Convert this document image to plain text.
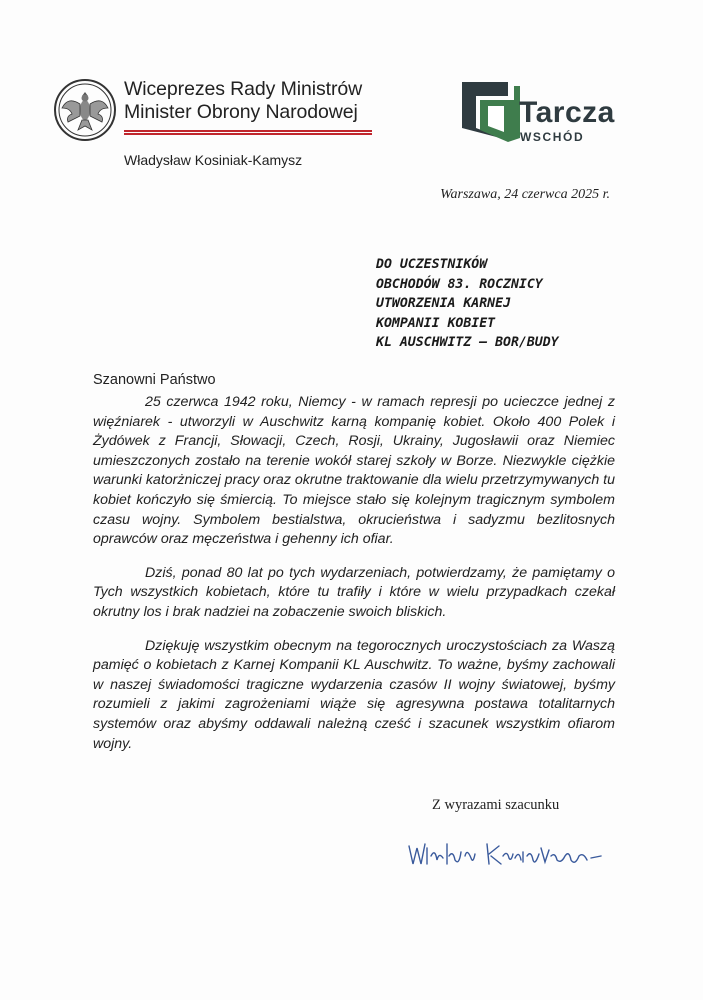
Wiceprezes Rady Ministrów
Minister Obrony Narodowej
Władysław Kosiniak-Kamysz
Tarcza
WSCHÓD
Warszawa, 24 czerwca 2025 r.
DO UCZESTNIKÓW
OBCHODÓW 83. ROCZNICY
UTWORZENIA KARNEJ
KOMPANII KOBIET
KL AUSCHWITZ – BOR/BUDY
Szanowni Państwo

25 czerwca 1942 roku, Niemcy - w ramach represji po ucieczce jednej z więźniarek - utworzyli w Auschwitz karną kompanię kobiet. Około 400 Polek i Żydówek z Francji, Słowacji, Czech, Rosji, Ukrainy, Jugosławii oraz Niemiec umieszczonych zostało na terenie wokół starej szkoły w Borze. Niezwykle ciężkie warunki katorżniczej pracy oraz okrutne traktowanie dla wielu przetrzymywanych tu kobiet kończyło się śmiercią. To miejsce stało się kolejnym tragicznym symbolem czasu wojny. Symbolem bestialstwa, okrucieństwa i sadyzmu bezlitosnych oprawców oraz męczeństwa i gehenny ich ofiar.

Dziś, ponad 80 lat po tych wydarzeniach, potwierdzamy, że pamiętamy o Tych wszystkich kobietach, które tu trafiły i które w wielu przypadkach czekał okrutny los i brak nadziei na zobaczenie swoich bliskich.

Dziękuję wszystkim obecnym na tegorocznych uroczystościach za Waszą pamięć o kobietach z Karnej Kompanii KL Auschwitz. To ważne, byśmy zachowali w naszej świadomości tragiczne wydarzenia czasów II wojny światowej, byśmy rozumieli z jakimi zagrożeniami wiąże się agresywna postawa totalitarnych systemów oraz abyśmy oddawali należną cześć i szacunek wszystkim ofiarom wojny.

Z wyrazami szacunku
